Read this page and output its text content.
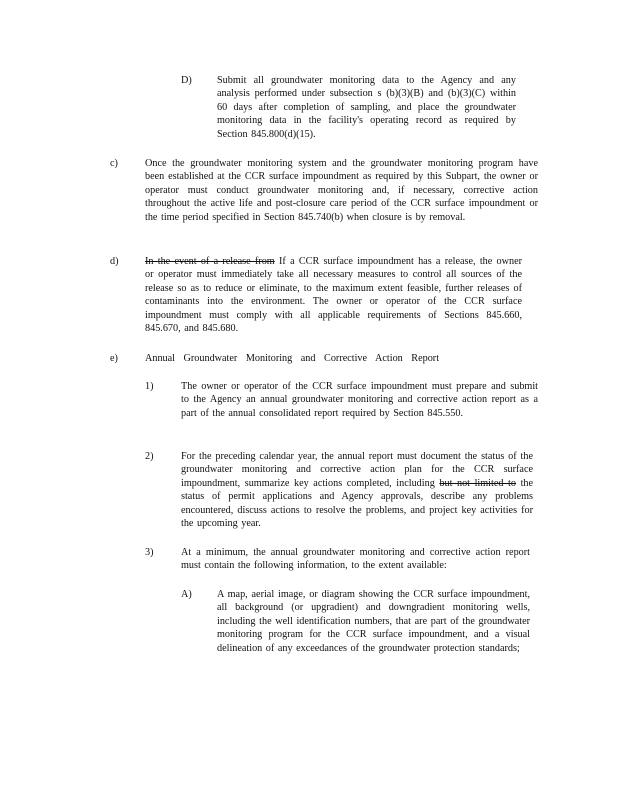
D) Submit all groundwater monitoring data to the Agency and any analysis performed under subsection s (b)(3)(B) and (b)(3)(C) within 60 days after completion of sampling, and place the groundwater monitoring data in the facility's operating record as required by Section 845.800(d)(15).
c)	Once the groundwater monitoring system and the groundwater monitoring program have been established at the CCR surface impoundment as required by this Subpart, the owner or operator must conduct groundwater monitoring and, if necessary, corrective action throughout the active life and post-closure care period of the CCR surface impoundment or the time period specified in Section 845.740(b) when closure is by removal.
d)	In the event of a release from If a CCR surface impoundment has a release, the owner or operator must immediately take all necessary measures to control all sources of the release so as to reduce or eliminate, to the maximum extent feasible, further releases of contaminants into the environment. The owner or operator of the CCR surface impoundment must comply with all applicable requirements of Sections 845.660, 845.670, and 845.680.
e)	Annual Groundwater Monitoring and Corrective Action Report
1)	The owner or operator of the CCR surface impoundment must prepare and submit to the Agency an annual groundwater monitoring and corrective action report as a part of the annual consolidated report required by Section 845.550.
2)	For the preceding calendar year, the annual report must document the status of the groundwater monitoring and corrective action plan for the CCR surface impoundment, summarize key actions completed, including but not limited to the status of permit applications and Agency approvals, describe any problems encountered, discuss actions to resolve the problems, and project key activities for the upcoming year.
3)	At a minimum, the annual groundwater monitoring and corrective action report must contain the following information, to the extent available:
A) A map, aerial image, or diagram showing the CCR surface impoundment, all background (or upgradient) and downgradient monitoring wells, including the well identification numbers, that are part of the groundwater monitoring program for the CCR surface impoundment, and a visual delineation of any exceedances of the groundwater protection standards;
